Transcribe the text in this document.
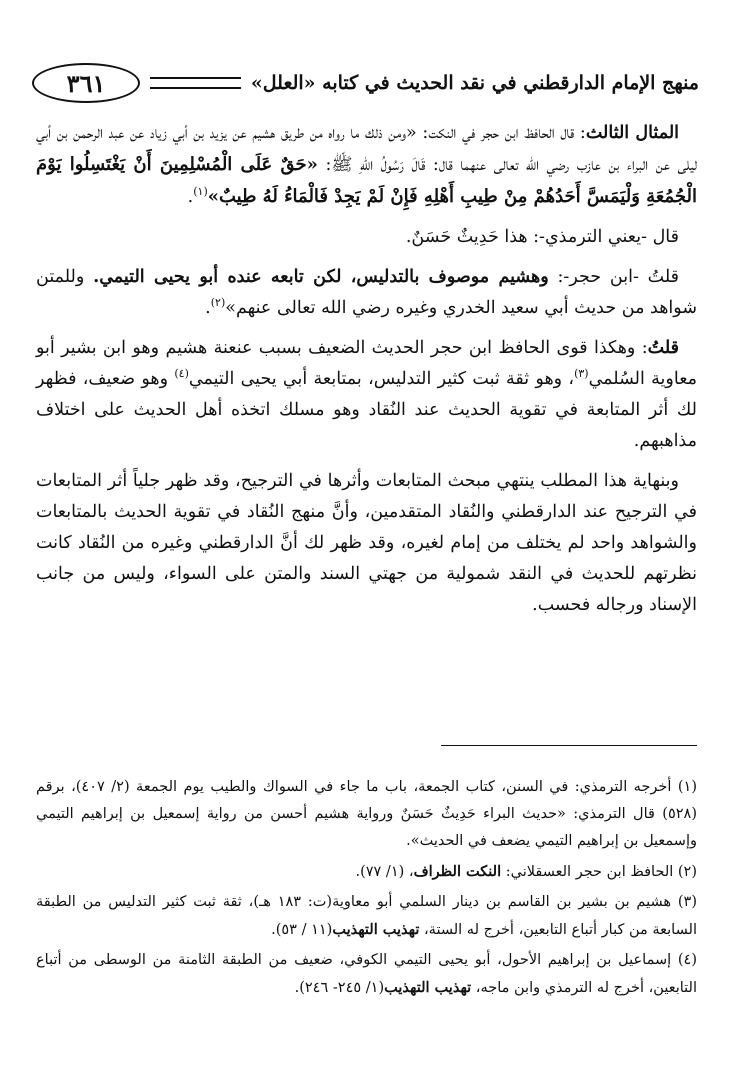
منهج الإمام الدارقطني في نقد الحديث في كتابه «العلل»
٣٦١

المثال الثالث: قال الحافظ ابن حجر في النكت: «ومن ذلك ما رواه من طريق هشيم عن يزيد بن أبي زياد عن عبد الرحمن بن أبي ليلى عن البراء بن عازب رضي الله تعالى عنهما قال: قَالَ رَسُولُ اللهِ ﷺ: «حَقٌ عَلَى الْمُسْلِمِينَ أَنْ يَغْتَسِلُوا يَوْمَ الْجُمُعَةِ وَلْيَمَسَّ أَحَدُهُمْ مِنْ طِيبِ أَهْلِهِ فَإِنْ لَمْ يَجِدْ فَالْمَاءُ لَهُ طِيبٌ»$^{(١)}$.

قال -يعني الترمذي-: هذا حَدِيثٌ حَسَنٌ.

قلتُ -ابن حجر-: وهشيم موصوف بالتدليس، لكن تابعه عنده أبو يحيى التيمي. وللمتن شواهد من حديث أبي سعيد الخدري وغيره رضي الله تعالى عنهم»$^{(٢)}$.

قلتُ: وهكذا قوى الحافظ ابن حجر الحديث الضعيف بسبب عنعنة هشيم وهو ابن بشير أبو معاوية السُلمي$^{(٣)}$، وهو ثقة ثبت كثير التدليس، بمتابعة أبي يحيى التيمي$^{(٤)}$ وهو ضعيف، فظهر لك أثر المتابعة في تقوية الحديث عند النُقاد وهو مسلك اتخذه أهل الحديث على اختلاف مذاهبهم.

وبنهاية هذا المطلب ينتهي مبحث المتابعات وأثرها في الترجيح، وقد ظهر جلياً أثر المتابعات في الترجيح عند الدارقطني والنُقاد المتقدمين، وأنَّ منهج النُقاد في تقوية الحديث بالمتابعات والشواهد واحد لم يختلف من إمام لغيره، وقد ظهر لك أنَّ الدارقطني وغيره من النُقاد كانت نظرتهم للحديث في النقد شمولية من جهتي السند والمتن على السواء، وليس من جانب الإسناد ورجاله فحسب.

(١) أخرجه الترمذي: في السنن، كتاب الجمعة، باب ما جاء في السواك والطيب يوم الجمعة (٢/ ٤٠٧)، برقم (٥٢٨) قال الترمذي: «حديث البراء حَدِيثٌ حَسَنٌ ورواية هشيم أحسن من رواية إسمعيل بن إبراهيم التيمي وإسمعيل بن إبراهيم التيمي يضعف في الحديث».

(٢) الحافظ ابن حجر العسقلاني: النكت الظراف، (١/ ٧٧).

(٣) هشيم بن بشير بن القاسم بن دينار السلمي أبو معاوية(ت: ١٨٣ هـ)، ثقة ثبت كثير التدليس من الطبقة السابعة من كبار أتباع التابعين، أخرج له الستة، تهذيب التهذيب(١١ / ٥٣).

(٤) إسماعيل بن إبراهيم الأحول، أبو يحيى التيمي الكوفي، ضعيف من الطبقة الثامنة من الوسطى من أتباع التابعين، أخرج له الترمذي وابن ماجه، تهذيب التهذيب(١/ ٢٤٥- ٢٤٦).
